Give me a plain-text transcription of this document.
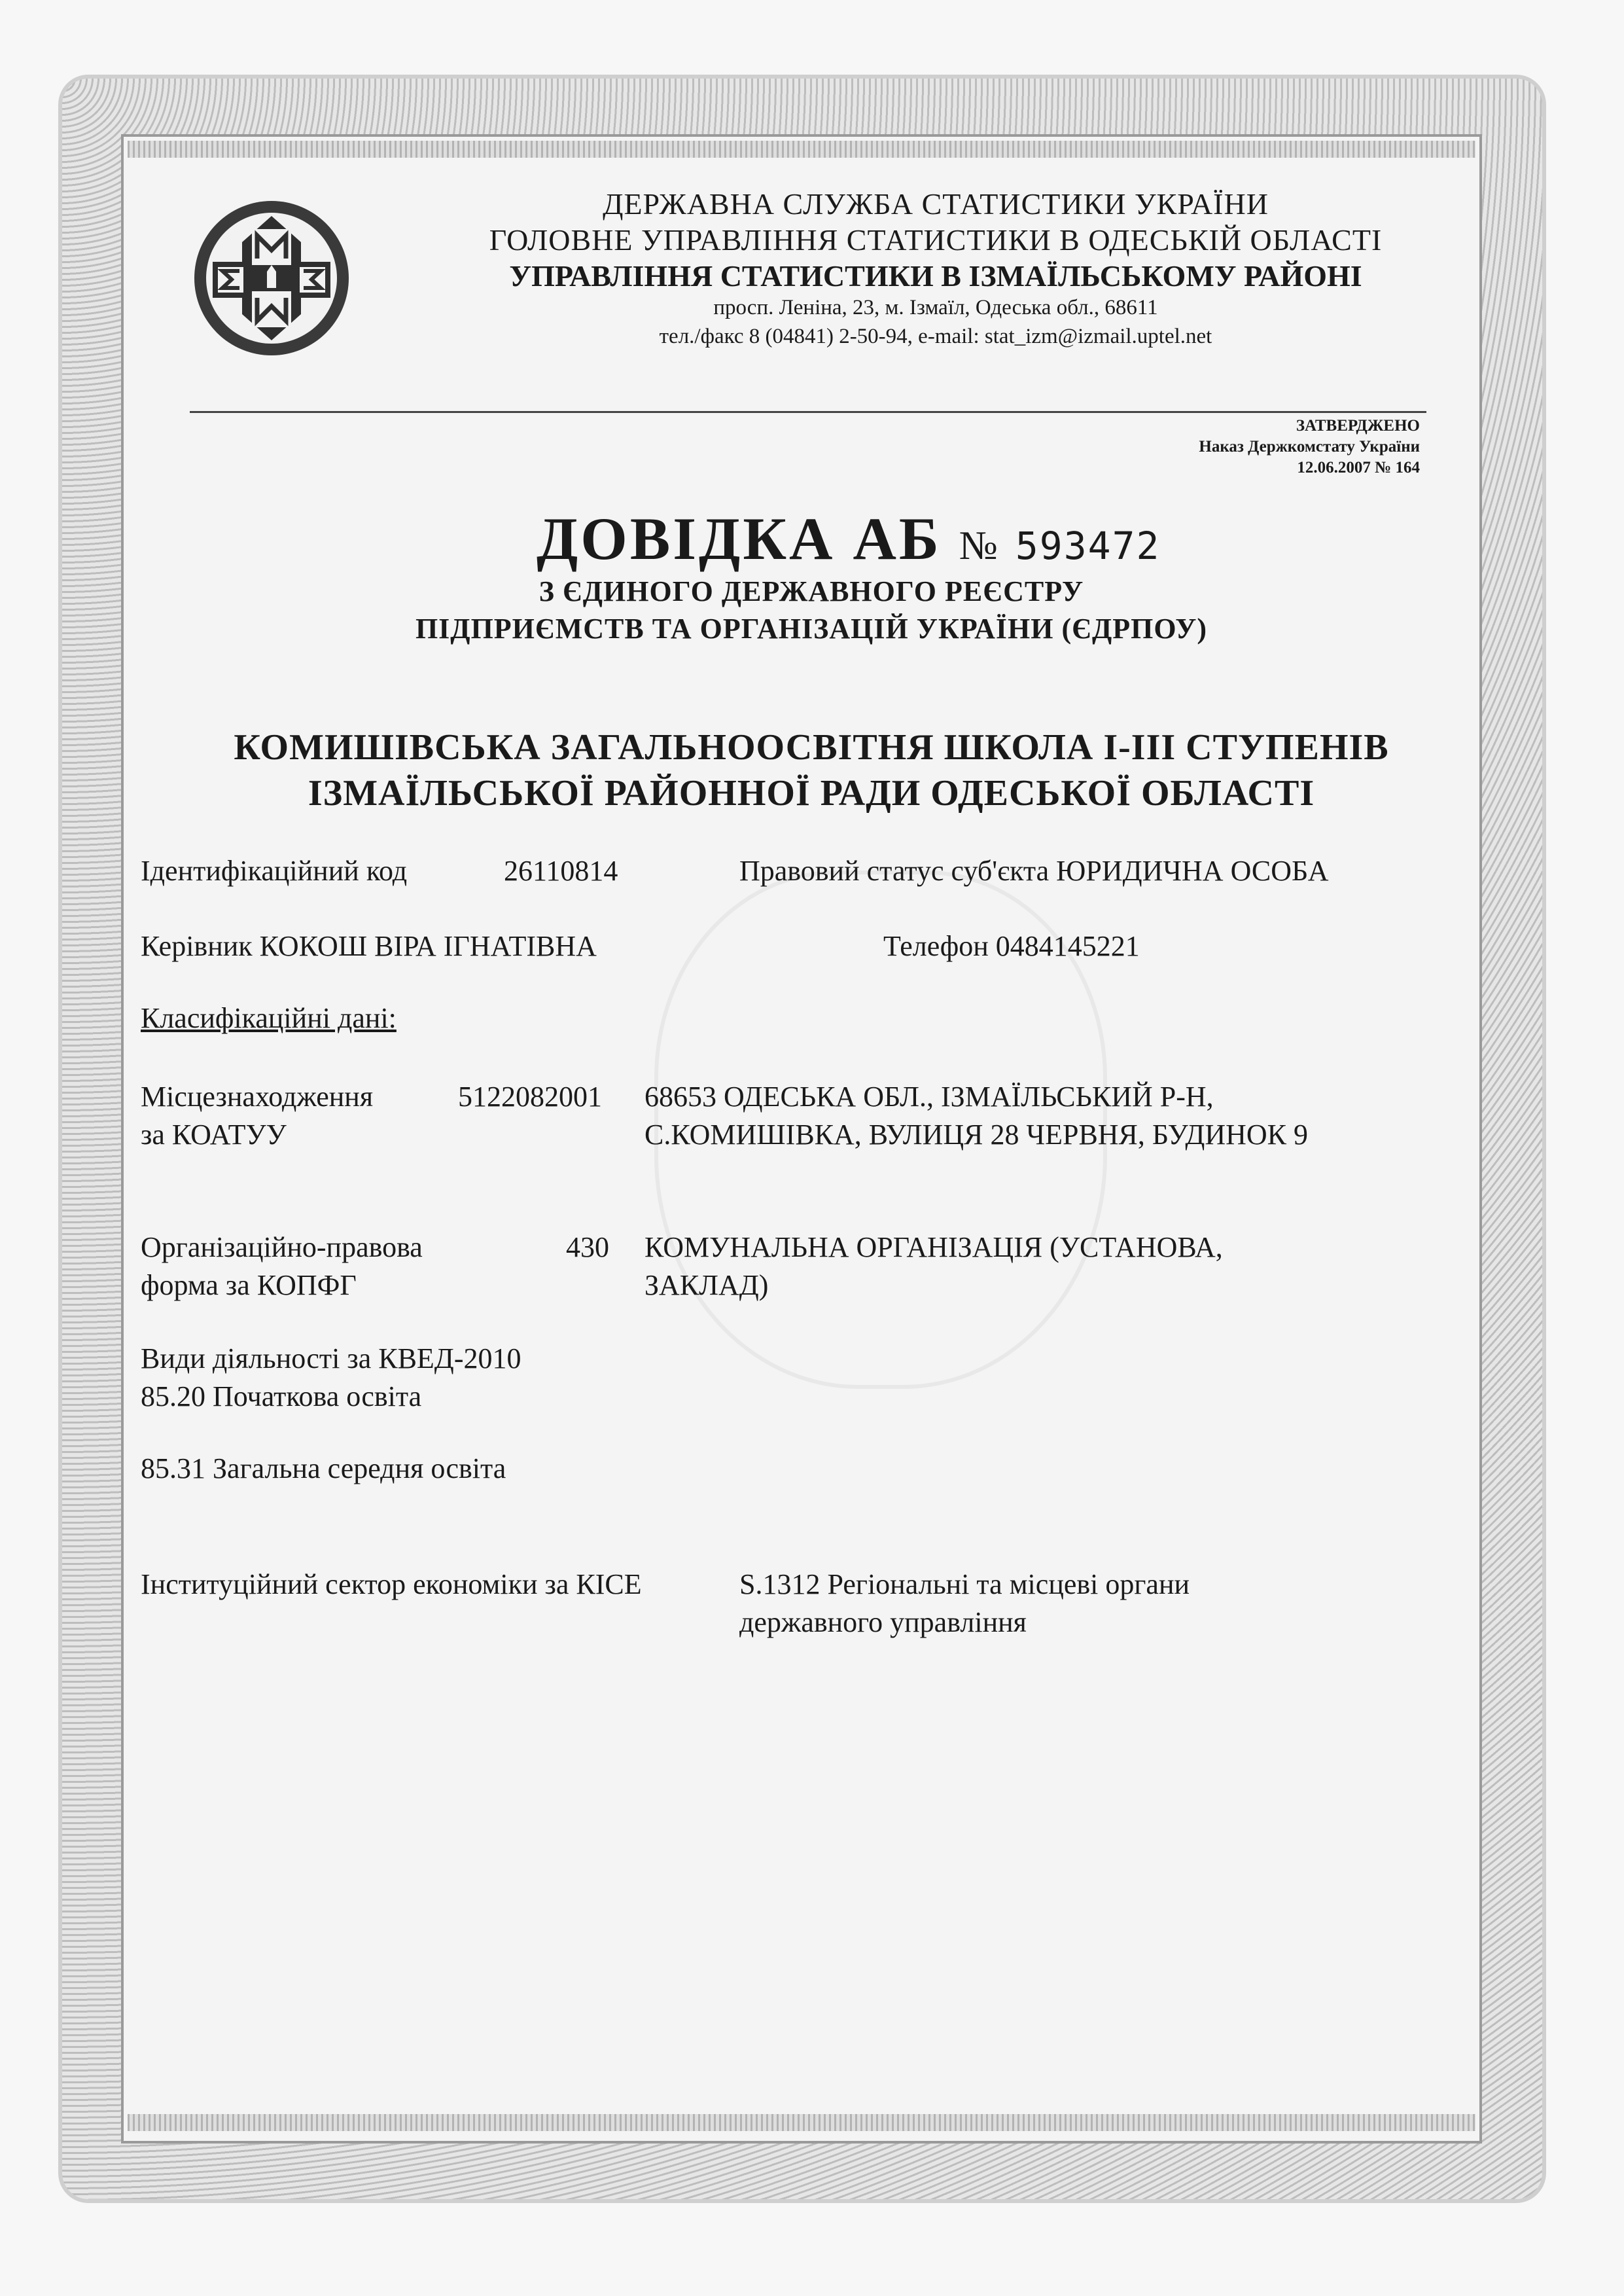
ДЕРЖАВНА СЛУЖБА СТАТИСТИКИ УКРАЇНИ
ГОЛОВНЕ УПРАВЛІННЯ СТАТИСТИКИ В ОДЕСЬКІЙ ОБЛАСТІ
УПРАВЛІННЯ СТАТИСТИКИ В ІЗМАЇЛЬСЬКОМУ РАЙОНІ
просп. Леніна, 23, м. Ізмаїл, Одеська обл., 68611
тел./факс 8 (04841) 2-50-94, e-mail: stat_izm@izmail.uptel.net
ЗАТВЕРДЖЕНО
Наказ Держкомстату України
12.06.2007 № 164
ДОВІДКА АБ № 593472
З ЄДИНОГО ДЕРЖАВНОГО РЕЄСТРУ
ПІДПРИЄМСТВ ТА ОРГАНІЗАЦІЙ УКРАЇНИ (ЄДРПОУ)
КОМИШІВСЬКА ЗАГАЛЬНООСВІТНЯ ШКОЛА І-ІІІ СТУПЕНІВ
ІЗМАЇЛЬСЬКОЇ РАЙОННОЇ РАДИ ОДЕСЬКОЇ ОБЛАСТІ
Ідентифікаційний код	26110814	Правовий статус суб'єкта ЮРИДИЧНА ОСОБА
Керівник КОКОШ ВІРА ІГНАТІВНА	Телефон 0484145221
Класифікаційні дані:
Місцезнаходження
за КОАТУУ
5122082001 68653 ОДЕСЬКА ОБЛ., ІЗМАЇЛЬСЬКИЙ Р-Н,
С.КОМИШІВКА, ВУЛИЦЯ 28 ЧЕРВНЯ, БУДИНОК 9
Організаційно-правова
форма за КОПФГ
430 КОМУНАЛЬНА ОРГАНІЗАЦІЯ (УСТАНОВА,
ЗАКЛАД)
Види діяльності за КВЕД-2010
85.20 Початкова освіта
85.31 Загальна середня освіта
Інституційний сектор економіки за КІСЕ	S.1312 Регіональні та місцеві органи
державного управління
